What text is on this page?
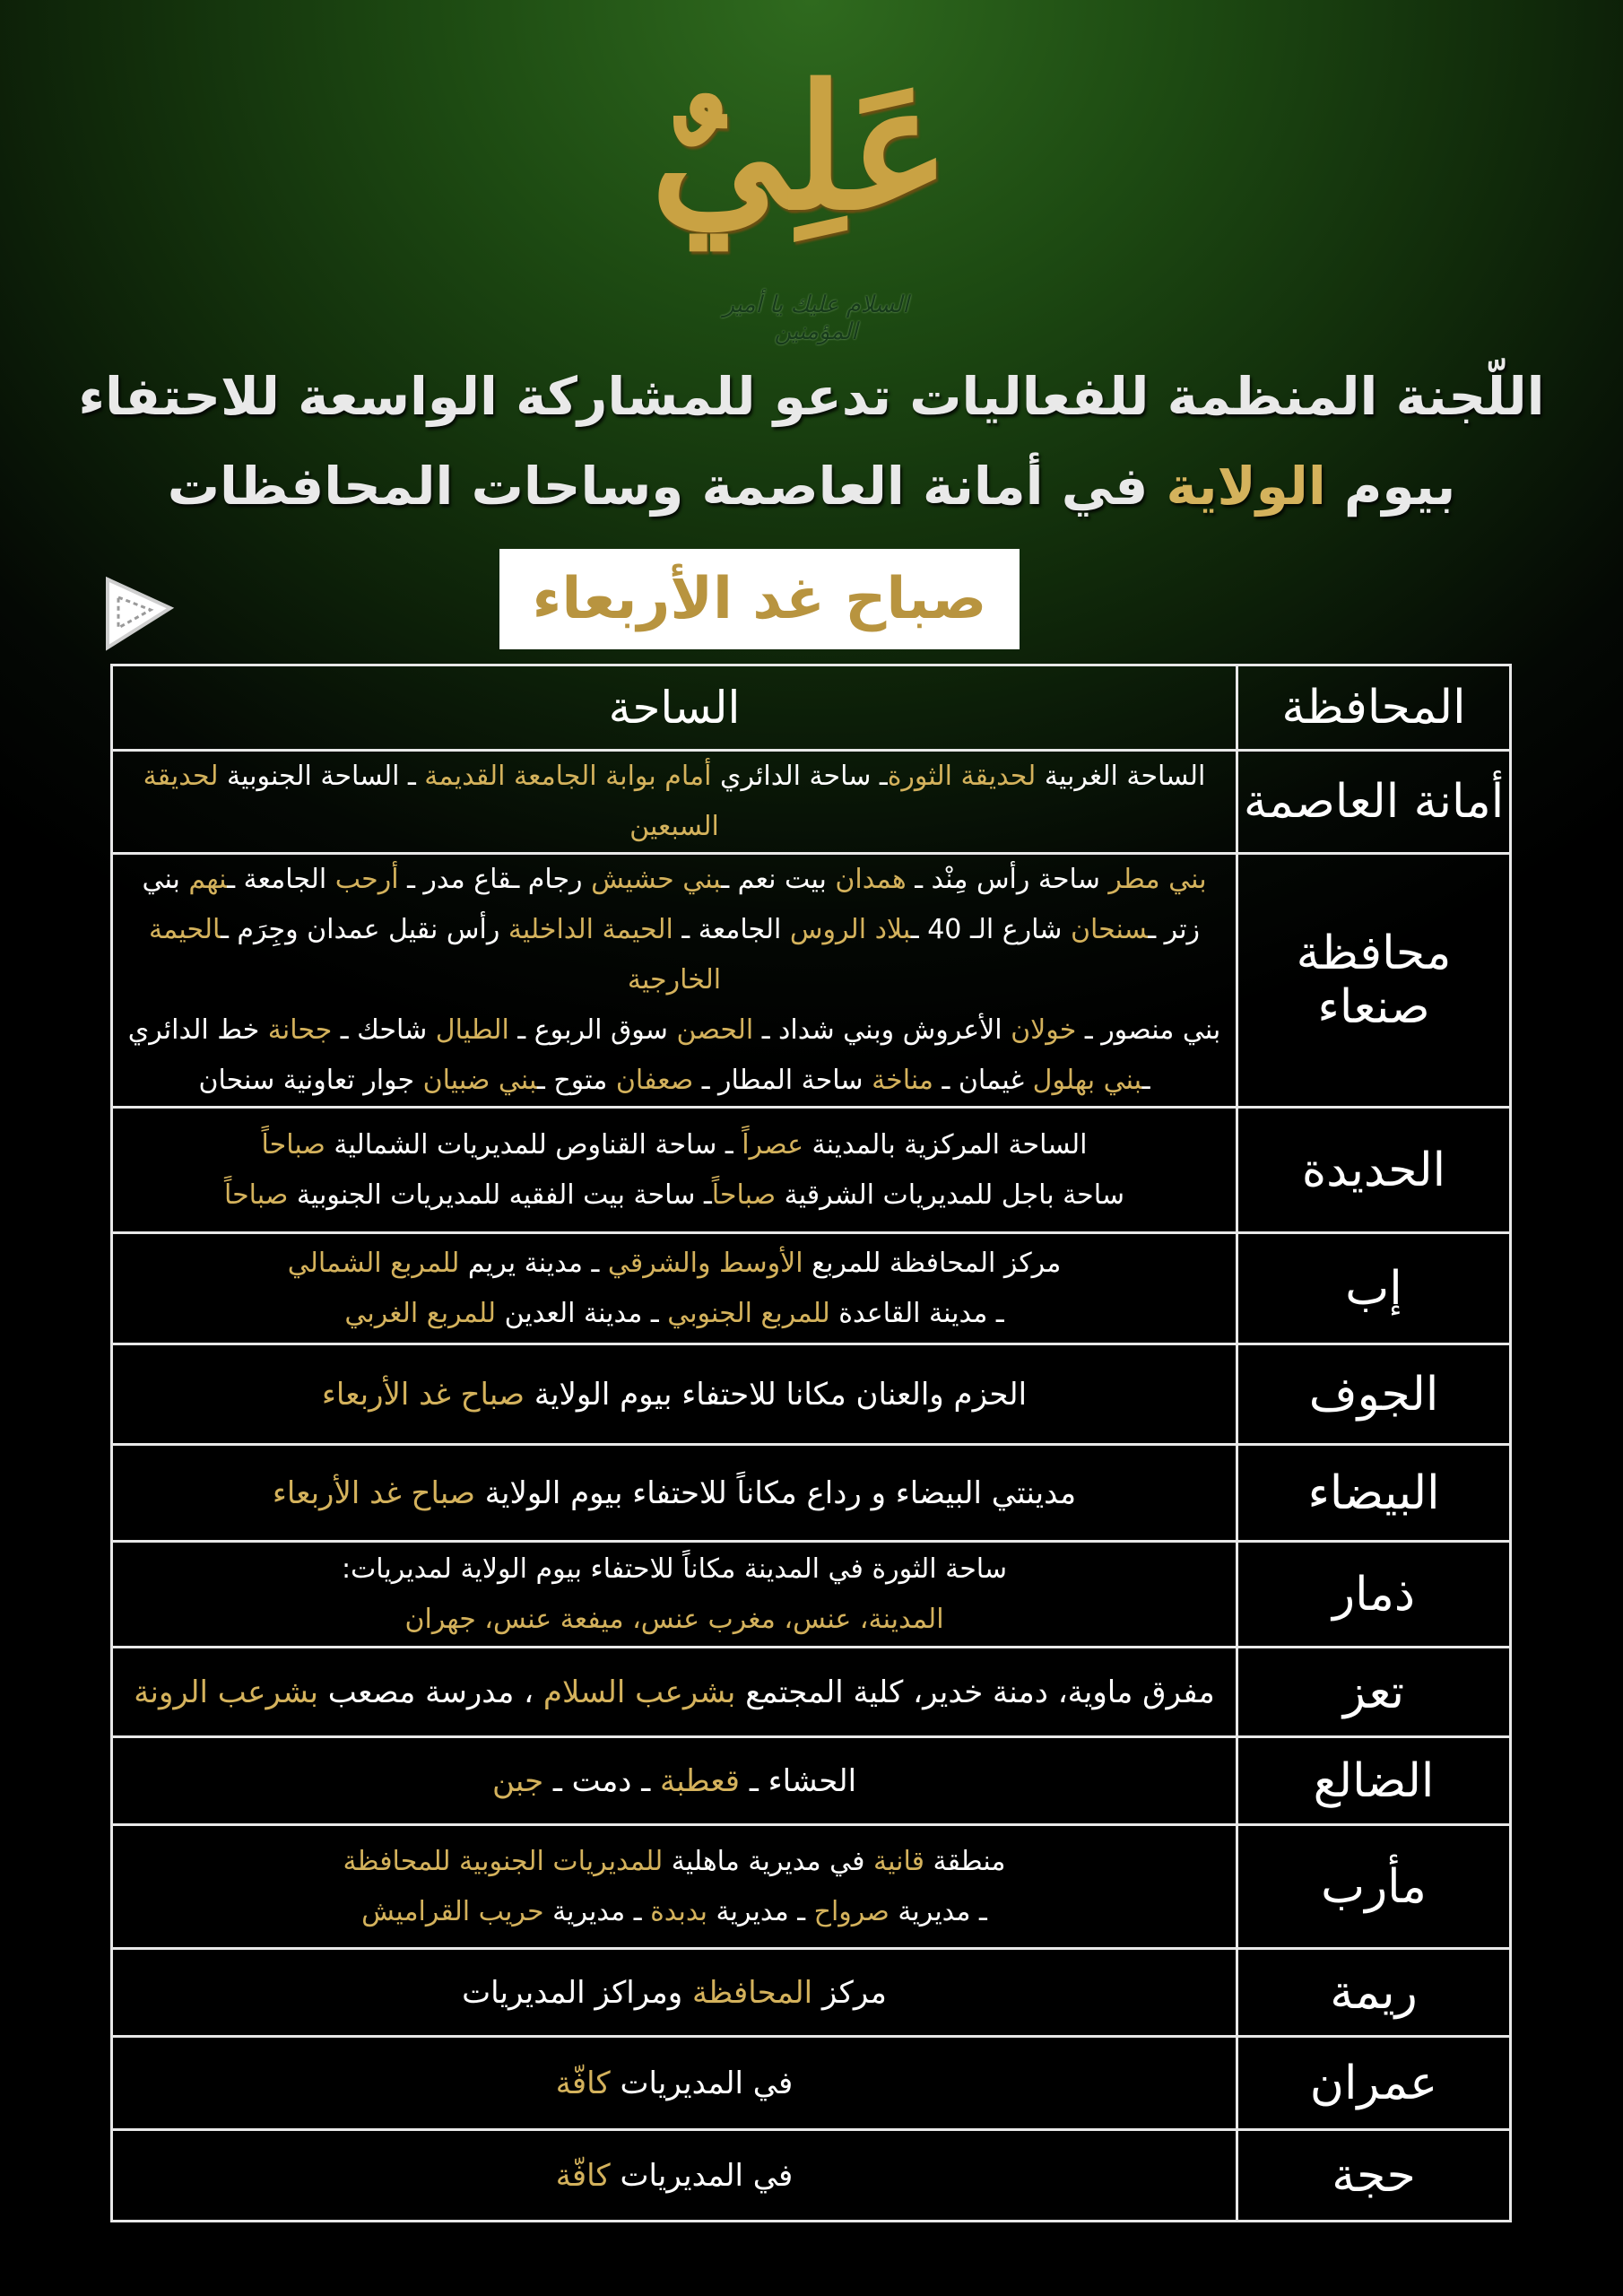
عَلِيٌ
السلام عليك يا أمير المؤمنين
اللّجنة المنظمة للفعاليات تدعو للمشاركة الواسعة للاحتفاء
بيوم الولاية في أمانة العاصمة وساحات المحافظات
صباح غد الأربعاء
المحافظة	الساحة
أمانة العاصمة	الساحة الغربية لحديقة الثورةـ ساحة الدائري أمام بوابة الجامعة القديمة ـ الساحة الجنوبية لحديقة السبعين

محافظة صنعاء	بني مطر ساحة رأس مِنْد ـ همدان بيت نعم ـبني حشيش رجام ـقاع مدر ـ أرحب الجامعة ـنهم بني
زتر ـسنحان شارع الـ 40 ـبلاد الروس الجامعة ـ الحيمة الداخلية رأس نقيل عمدان وجِرَم ـالحيمة الخارجية
بني منصور ـ خولان الأعروش وبني شداد ـ الحصن سوق الربوع ـ الطيال شاحك ـ جحانة خط الدائري
ـبني بهلول غيمان ـ مناخة ساحة المطار ـ صعفان متوح ـبني ضبيان جوار تعاونية سنحان

الحديدة	الساحة المركزية بالمدينة عصراً ـ ساحة القناوص للمديريات الشمالية صباحاً
ساحة باجل للمديريات الشرقية صباحاًـ ساحة بيت الفقيه للمديريات الجنوبية صباحاً

إب	مركز المحافظة للمربع الأوسط والشرقي ـ مدينة يريم للمربع الشمالي
ـ مدينة القاعدة للمربع الجنوبي ـ مدينة العدين للمربع الغربي

الجوف	الحزم والعنان مكانا للاحتفاء بيوم الولاية صباح غد الأربعاء

البيضاء	مدينتي البيضاء و رداع مكاناً للاحتفاء بيوم الولاية صباح غد الأربعاء

ذمار	ساحة الثورة في المدينة مكاناً للاحتفاء بيوم الولاية لمديريات:
المدينة، عنس، مغرب عنس، ميفعة عنس، جهران

تعز	مفرق ماوية، دمنة خدير، كلية المجتمع بشرعب السلام ، مدرسة مصعب بشرعب الرونة

الضالع	الحشاء ـ قعطبة ـ دمت ـ جبن

مأرب	منطقة قانية في مديرية ماهلية للمديريات الجنوبية للمحافظة
ـ مديرية صرواح ـ مديرية بدبدة ـ مديرية حريب القراميش

ريمة	مركز المحافظة ومراكز المديريات

عمران	في المديريات كافّة

حجة	في المديريات كافّة
